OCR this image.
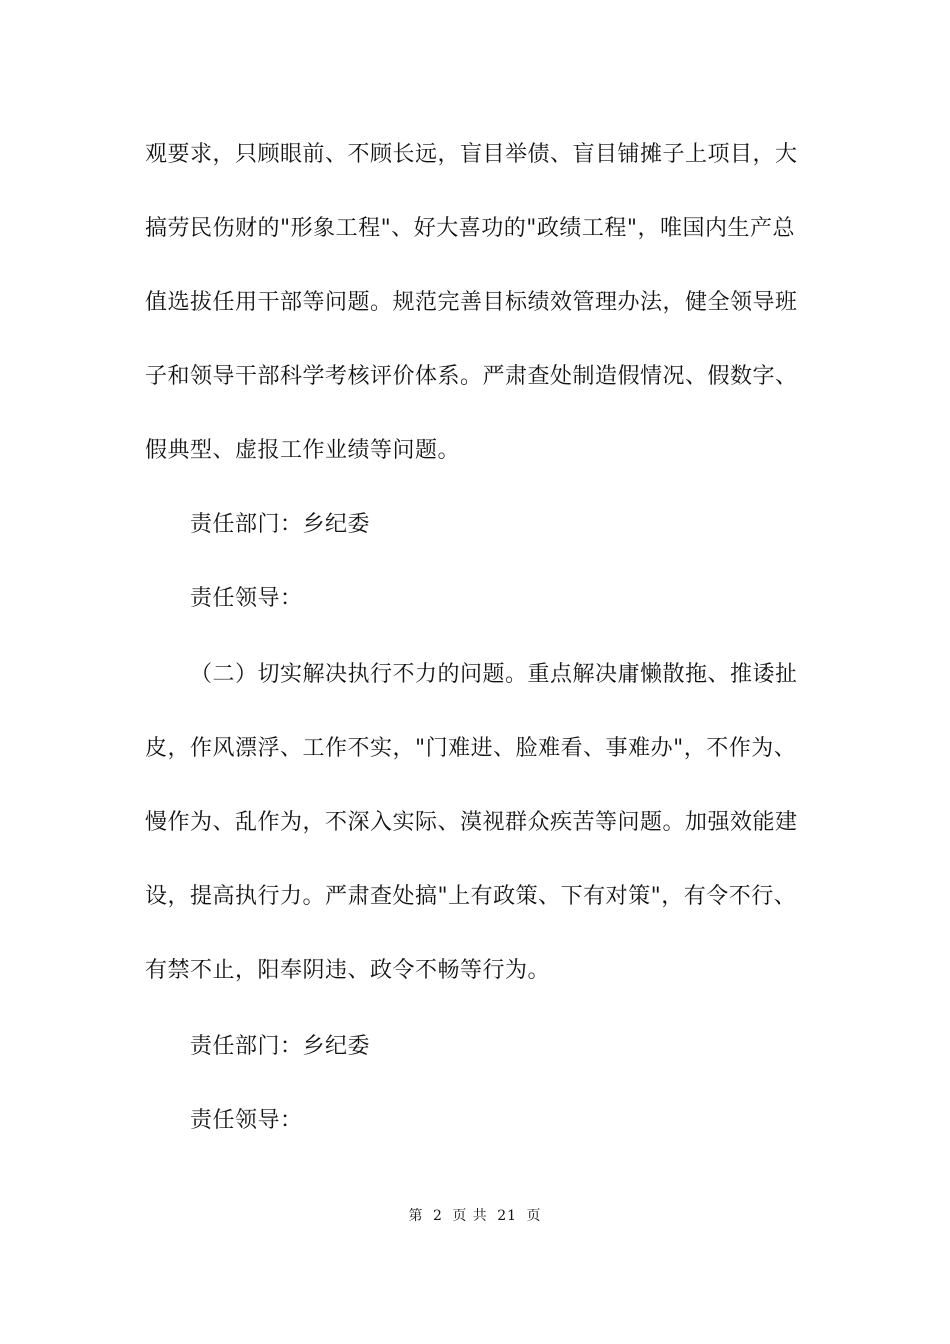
观要求，只顾眼前、不顾长远，盲目举债、盲目铺摊子上项目，大
搞劳民伤财的"形象工程"、好大喜功的"政绩工程"，唯国内生产总
值选拔任用干部等问题。规范完善目标绩效管理办法，健全领导班
子和领导干部科学考核评价体系。严肃查处制造假情况、假数字、
假典型、虚报工作业绩等问题。
责任部门：乡纪委
责任领导：
（二）切实解决执行不力的问题。重点解决庸懒散拖、推诿扯
皮，作风漂浮、工作不实，"门难进、脸难看、事难办"，不作为、
慢作为、乱作为，不深入实际、漠视群众疾苦等问题。加强效能建
设，提高执行力。严肃查处搞"上有政策、下有对策"，有令不行、
有禁不止，阳奉阴违、政令不畅等行为。
责任部门：乡纪委
责任领导：
第 2 页 共 21 页
